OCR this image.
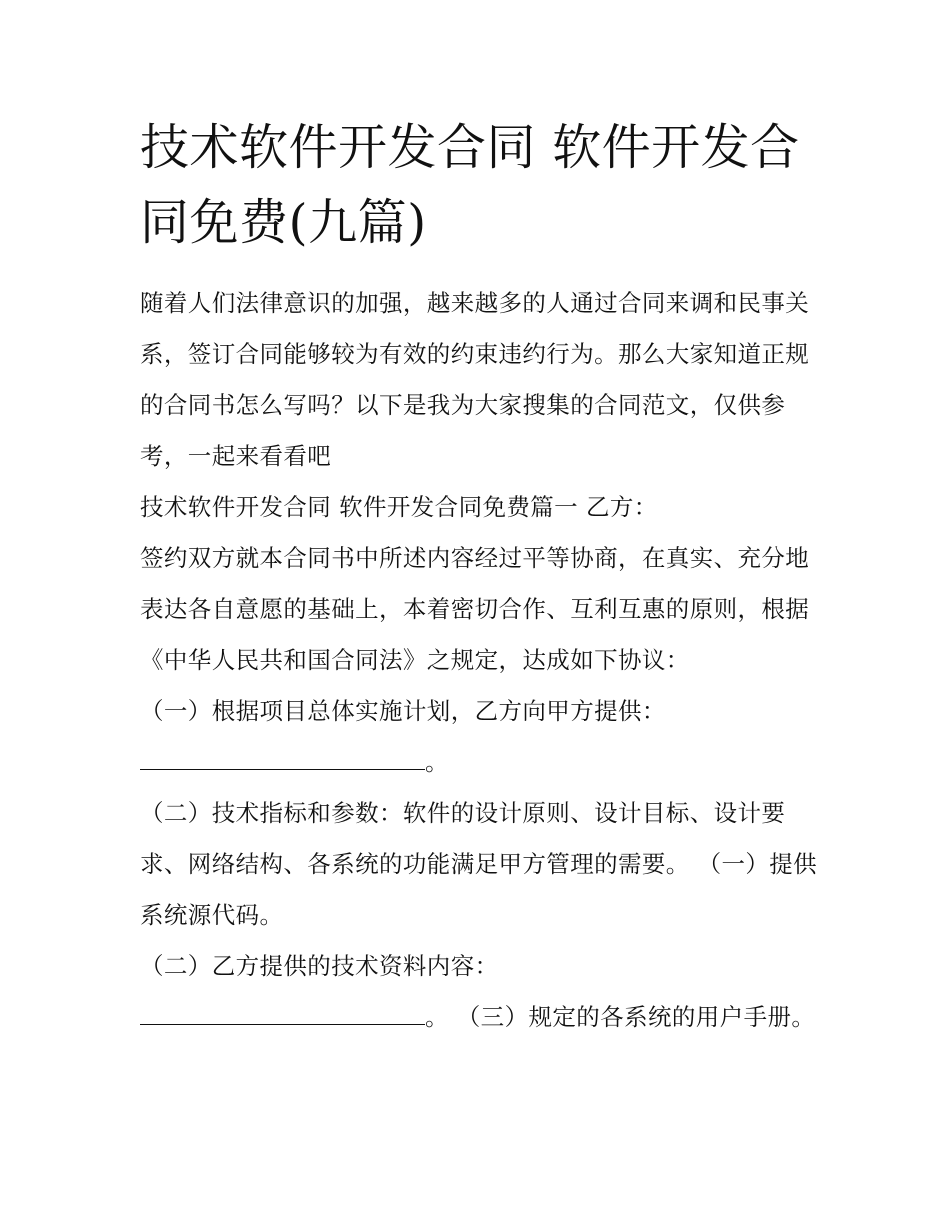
技术软件开发合同 软件开发合同免费(九篇)

随着人们法律意识的加强，越来越多的人通过合同来调和民事关系，签订合同能够较为有效的约束违约行为。那么大家知道正规的合同书怎么写吗？以下是我为大家搜集的合同范文，仅供参考，一起来看看吧

技术软件开发合同 软件开发合同免费篇一 乙方：

签约双方就本合同书中所述内容经过平等协商，在真实、充分地表达各自意愿的基础上，本着密切合作、互利互惠的原则，根据《中华人民共和国合同法》之规定，达成如下协议：

（一）根据项目总体实施计划，乙方向甲方提供：

。

（二）技术指标和参数：软件的设计原则、设计目标、设计要求、网络结构、各系统的功能满足甲方管理的需要。 （一）提供系统源代码。

（二）乙方提供的技术资料内容：

。 （三）规定的各系统的用户手册。
